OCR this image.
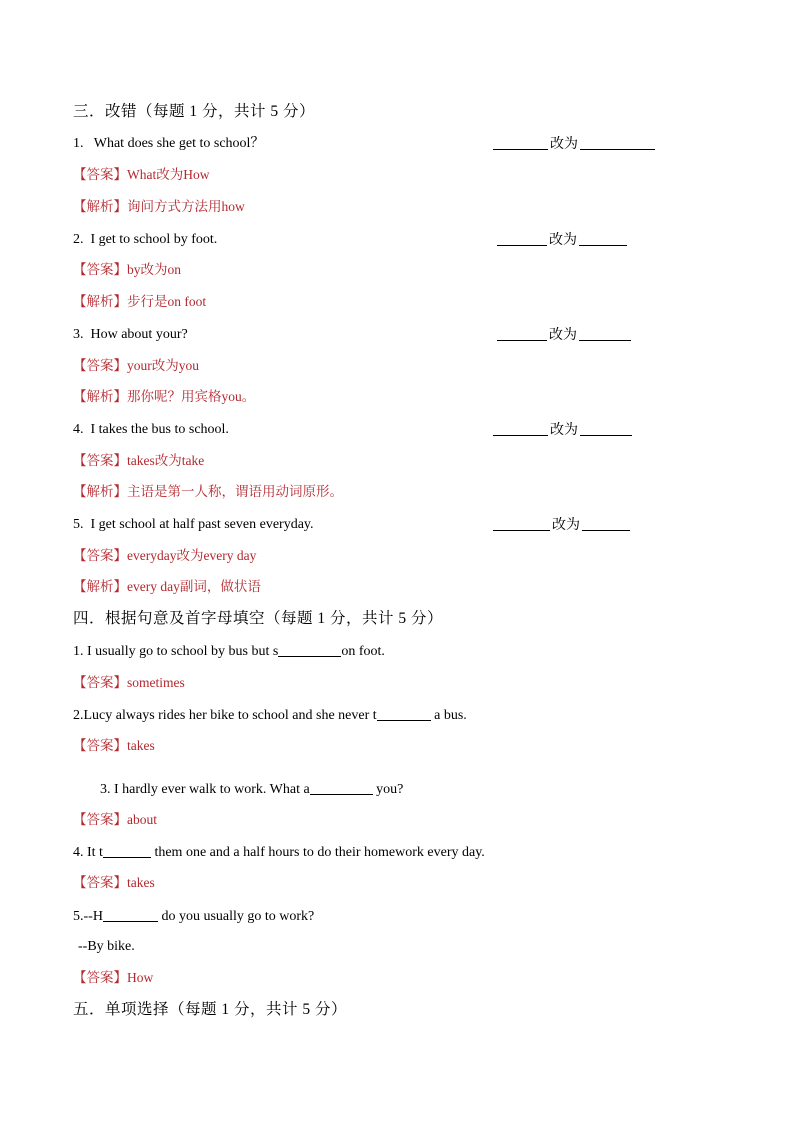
三．改错（每题 1 分，共计 5 分）
1. What does she get to school？	改为
【答案】What改为How
【解析】询问方式方法用how
2. I get to school by foot.	改为
【答案】by改为on
【解析】步行是on foot
3. How about your?	改为
【答案】your改为you
【解析】那你呢？用宾格you。
4. I takes the bus to school.	改为
【答案】takes改为take
【解析】主语是第一人称，谓语用动词原形。
5. I get school at half past seven everyday.	改为
【答案】everyday改为every day
【解析】every day副词，做状语
四．根据句意及首字母填空（每题 1 分，共计 5 分）
1. I usually go to school by bus but s	on foot.
【答案】sometimes
2.Lucy always rides her bike to school and she never t	a bus.
【答案】takes
3. I hardly ever walk to work. What a	you?
【答案】about
4. It t	them one and a half hours to do their homework every day.
【答案】takes
5.--H	do you usually go to work?
--By bike.
【答案】How
五．单项选择（每题 1 分，共计 5 分）
